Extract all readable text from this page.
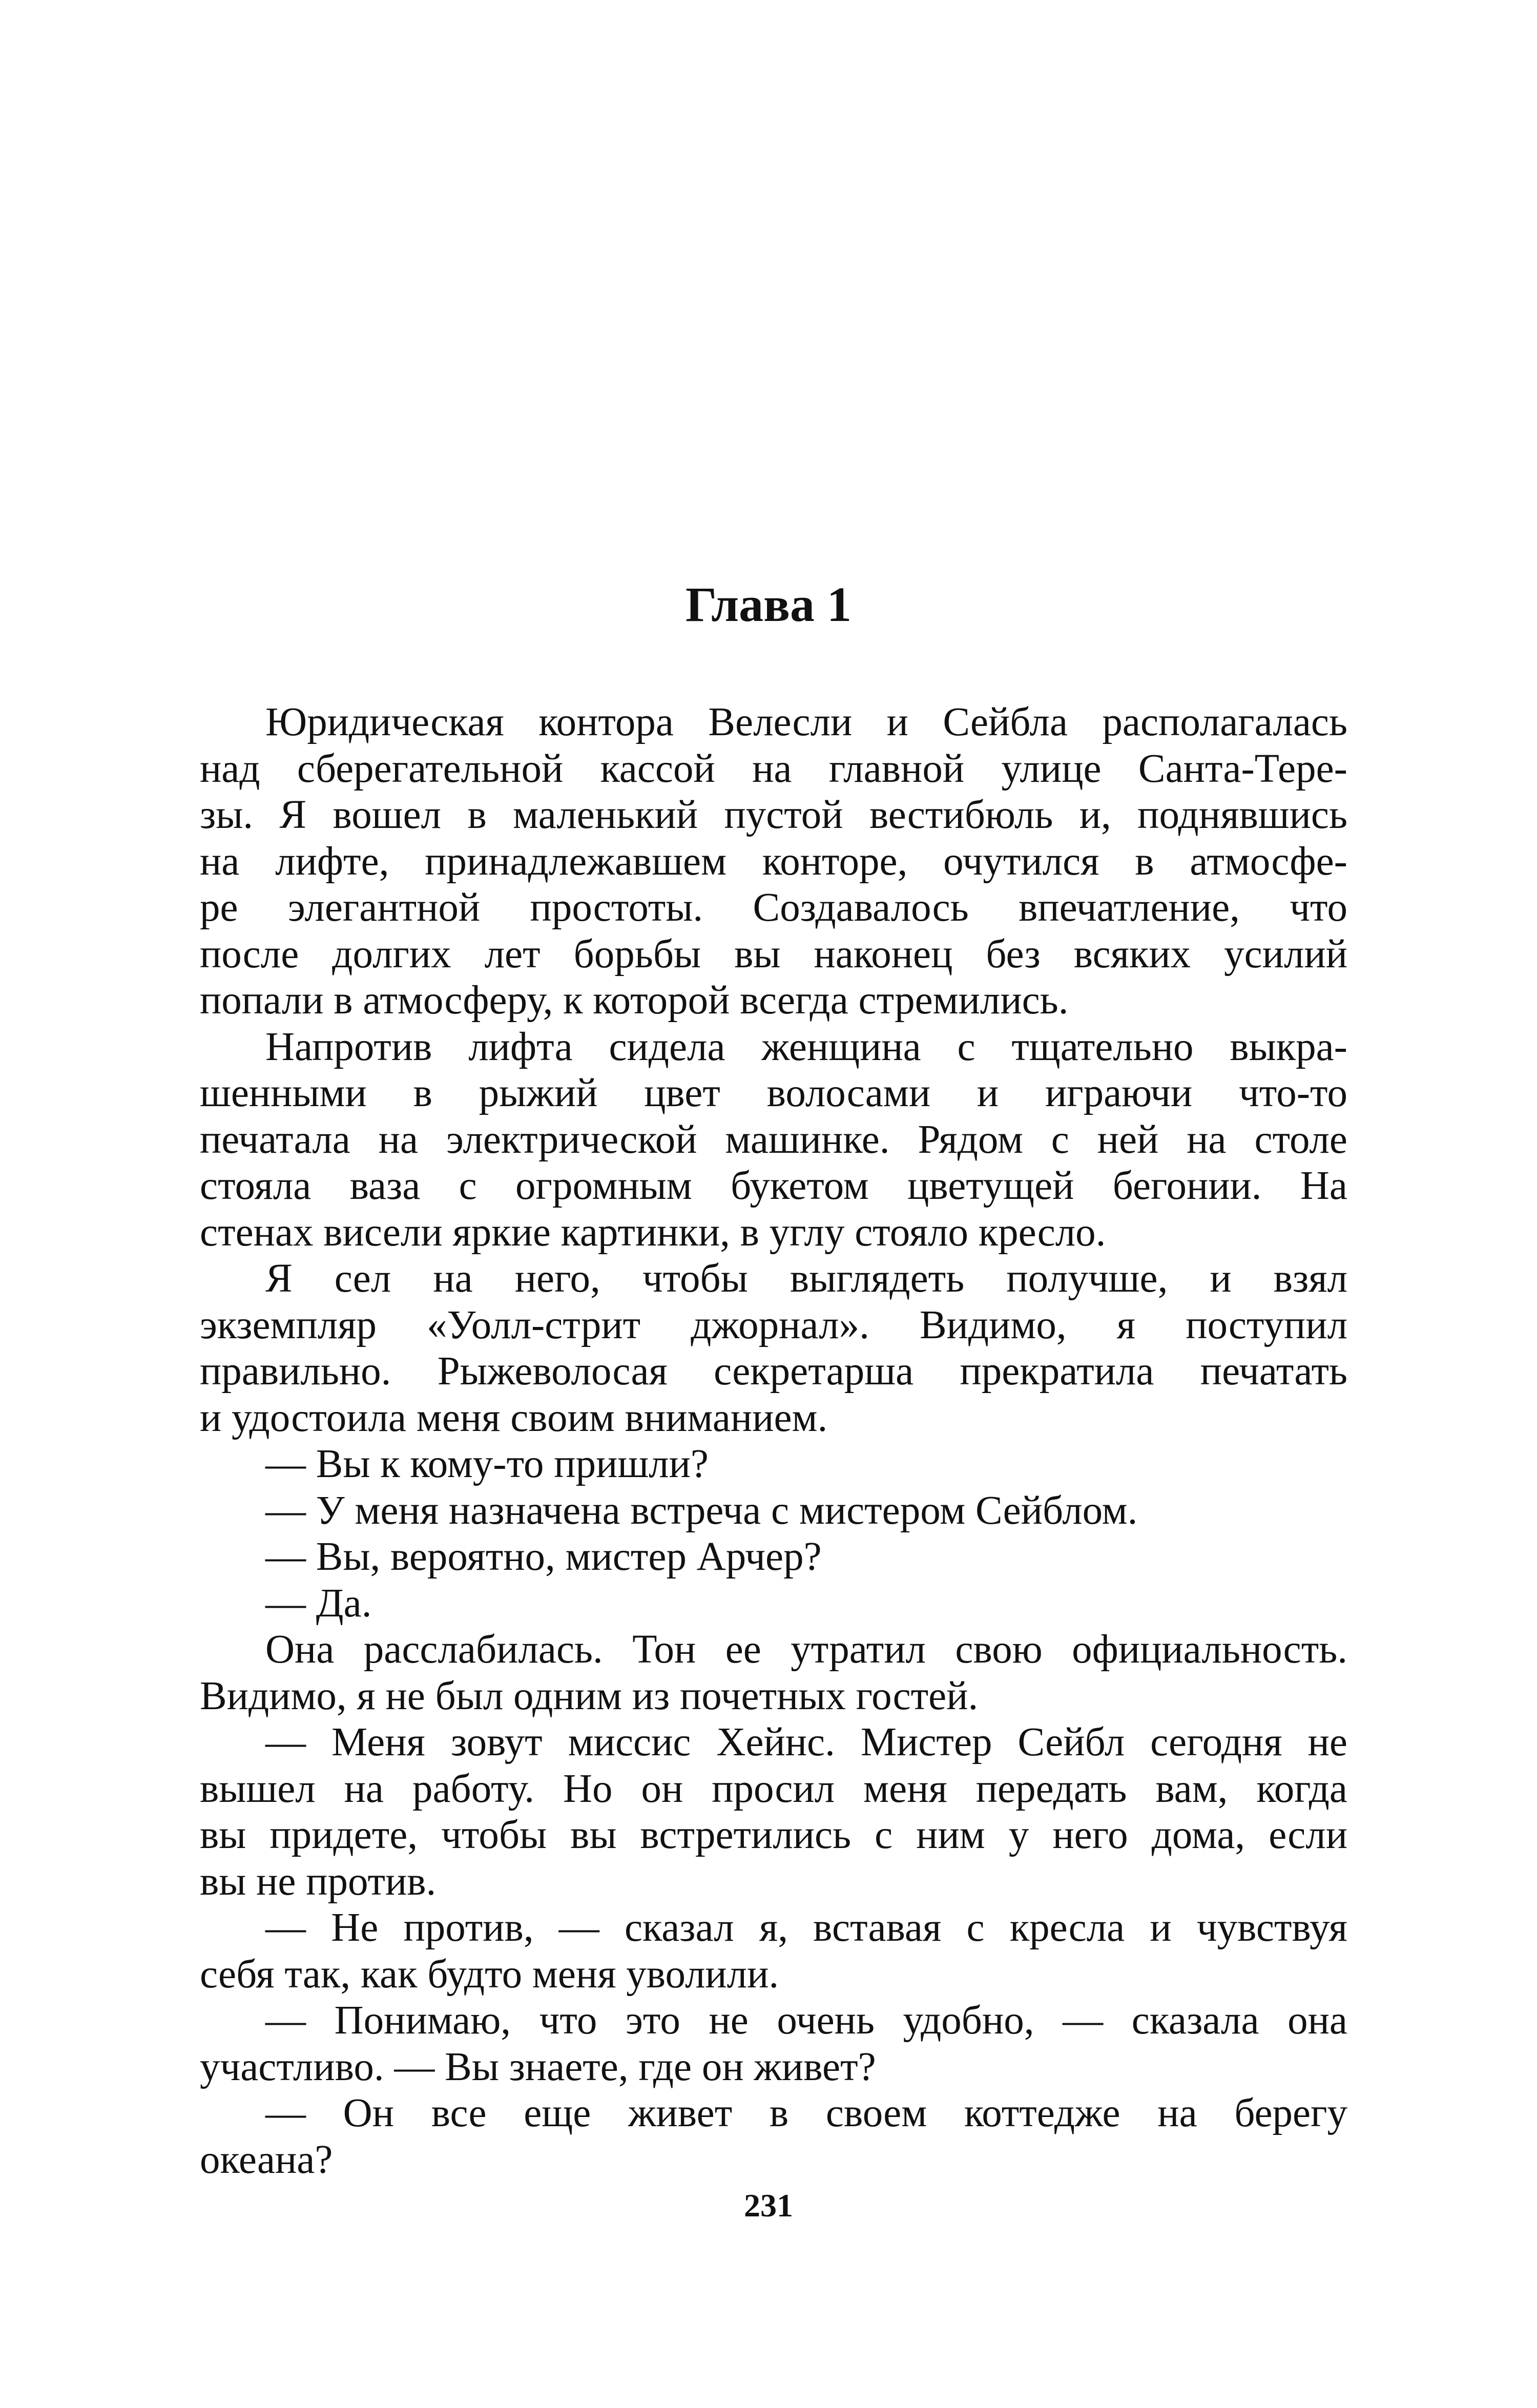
Глава 1
Юридическая контора Велесли и Сейбла располагалась
над сберегательной кассой на главной улице Санта-Тере-
зы. Я вошел в маленький пустой вестибюль и, поднявшись
на лифте, принадлежавшем конторе, очутился в атмосфе-
ре элегантной простоты. Создавалось впечатление, что
после долгих лет борьбы вы наконец без всяких усилий
попали в атмосферу, к которой всегда стремились.
Напротив лифта сидела женщина с тщательно выкра-
шенными в рыжий цвет волосами и играючи что-то
печатала на электрической машинке. Рядом с ней на столе
стояла ваза с огромным букетом цветущей бегонии. На
стенах висели яркие картинки, в углу стояло кресло.
Я сел на него, чтобы выглядеть получше, и взял
экземпляр «Уолл-стрит джорнал». Видимо, я поступил
правильно. Рыжеволосая секретарша прекратила печатать
и удостоила меня своим вниманием.
— Вы к кому-то пришли?
— У меня назначена встреча с мистером Сейблом.
— Вы, вероятно, мистер Арчер?
— Да.
Она расслабилась. Тон ее утратил свою официальность.
Видимо, я не был одним из почетных гостей.
— Меня зовут миссис Хейнс. Мистер Сейбл сегодня не
вышел на работу. Но он просил меня передать вам, когда
вы придете, чтобы вы встретились с ним у него дома, если
вы не против.
— Не против, — сказал я, вставая с кресла и чувствуя
себя так, как будто меня уволили.
— Понимаю, что это не очень удобно, — сказала она
участливо. — Вы знаете, где он живет?
— Он все еще живет в своем коттедже на берегу
океана?
231
